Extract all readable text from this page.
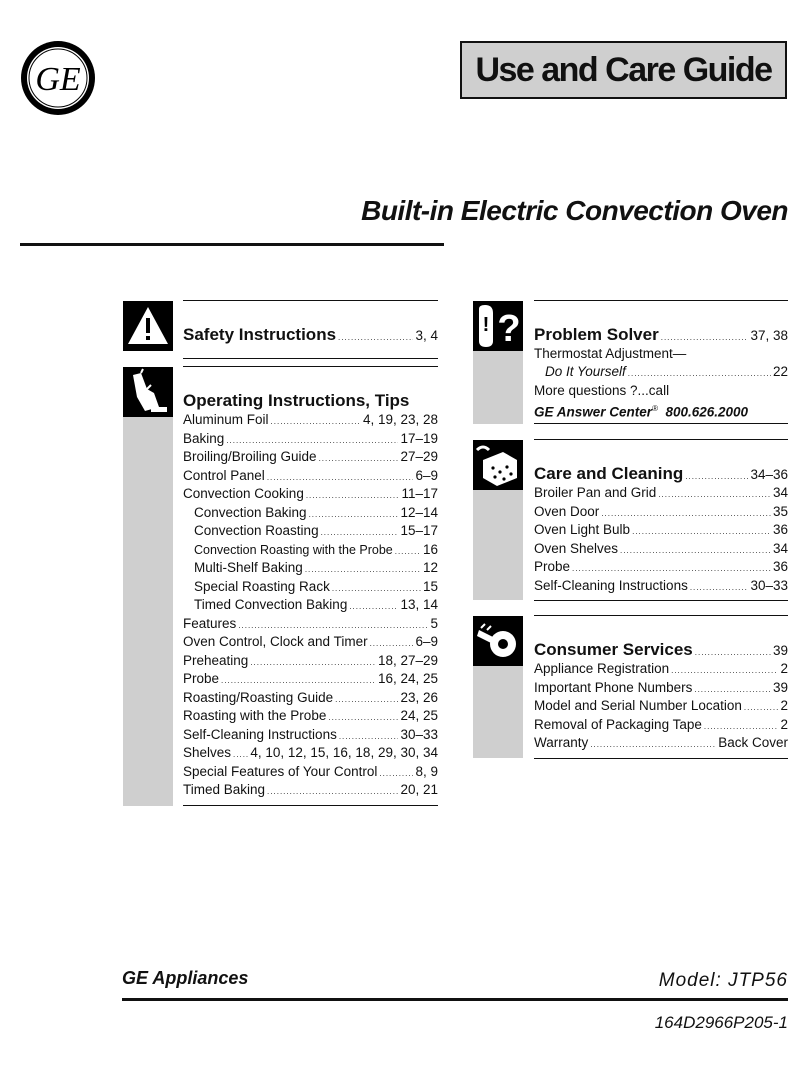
GE	Use and Care Guide
Built-in Electric Convection Oven
Safety Instructions .....	3, 4
Operating Instructions, Tips
Aluminum Foil .....	4, 19, 23, 28
Baking .....	17–19
Broiling/Broiling Guide .....	27–29
Control Panel .....	6–9
Convection Cooking .....	11–17
Convection Baking .....	12–14
Convection Roasting .....	15–17
Convection Roasting with the Probe ..... 16
Multi-Shelf Baking .....	12
Special Roasting Rack .....	15
Timed Convection Baking .....	13, 14
Features .....	5
Oven Control, Clock and Timer .....	6–9
Preheating .....	18, 27–29
Probe .....	16, 24, 25
Roasting/Roasting Guide .....	23, 26
Roasting with the Probe .....	24, 25
Self-Cleaning Instructions .....	30–33
Shelves ..... 4, 10, 12, 15, 16, 18, 29, 30, 34
Special Features of Your Control .....	8, 9
Timed Baking .....	20, 21
! ? Problem Solver .....	37, 38
Thermostat Adjustment—
Do It Yourself .....	22
More questions ?...call
GE Answer Center® 800.626.2000
Care and Cleaning .....	34–36
Broiler Pan and Grid .....	34
Oven Door .....	35
Oven Light Bulb .....	36
Oven Shelves .....	34
Probe .....	36
Self-Cleaning Instructions .....	30–33
Consumer Services .....	39
Appliance Registration .....	2
Important Phone Numbers .....	39
Model and Serial Number Location .....	2
Removal of Packaging Tape .....	2
Warranty .....	Back Cover
GE Appliances	Model: JTP56
164D2966P205-1
